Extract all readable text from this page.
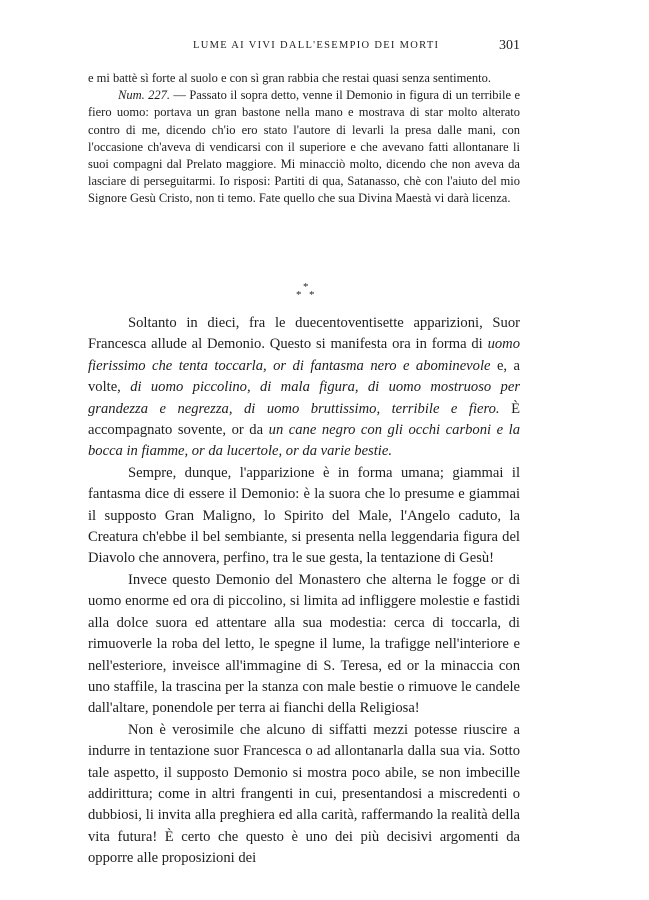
LUME AI VIVI DALL'ESEMPIO DEI MORTI	301

e mi battè sì forte al suolo e con sì gran rabbia che restai quasi senza sentimento.

Num. 227. — Passato il sopra detto, venne il Demonio in figura di un terribile e fiero uomo: portava un gran bastone nella mano e mostrava di star molto alterato contro di me, dicendo ch'io ero stato l'autore di levarli la presa dalle mani, con l'occasione ch'aveva di vendicarsi con il superiore e che avevano fatti allontanare li suoi compagni dal Prelato maggiore. Mi minacciò molto, dicendo che non aveva da lasciare di perseguitarmi. Io risposi: Partiti di qua, Satanasso, chè con l'aiuto del mio Signore Gesù Cristo, non ti temo. Fate quello che sua Divina Maestà vi darà licenza.

*
* *

Soltanto in dieci, fra le duecentoventisette apparizioni, Suor Francesca allude al Demonio. Questo si manifesta ora in forma di uomo fierissimo che tenta toccarla, or di fantasma nero e abominevole e, a volte, di uomo piccolino, di mala figura, di uomo mostruoso per grandezza e negrezza, di uomo bruttissimo, terribile e fiero. È accompagnato sovente, or da un cane negro con gli occhi carboni e la bocca in fiamme, or da lucertole, or da varie bestie.

Sempre, dunque, l'apparizione è in forma umana; giammai il fantasma dice di essere il Demonio: è la suora che lo presume e giammai il supposto Gran Maligno, lo Spirito del Male, l'Angelo caduto, la Creatura ch'ebbe il bel sembiante, si presenta nella leggendaria figura del Diavolo che annovera, perfino, tra le sue gesta, la tentazione di Gesù!

Invece questo Demonio del Monastero che alterna le fogge or di uomo enorme ed ora di piccolino, si limita ad infliggere molestie e fastidi alla dolce suora ed attentare alla sua modestia: cerca di toccarla, di rimuoverle la roba del letto, le spegne il lume, la trafigge nell'interiore e nell'esteriore, inveisce all'immagine di S. Teresa, ed or la minaccia con uno staffile, la trascina per la stanza con male bestie o rimuove le candele dall'altare, ponendole per terra ai fianchi della Religiosa!

Non è verosimile che alcuno di siffatti mezzi potesse riuscire a indurre in tentazione suor Francesca o ad allontanarla dalla sua via. Sotto tale aspetto, il supposto Demonio si mostra poco abile, se non imbecille addirittura; come in altri frangenti in cui, presentandosi a miscredenti o dubbiosi, li invita alla preghiera ed alla carità, raffermando la realità della vita futura! È certo che questo è uno dei più decisivi argomenti da opporre alle proposizioni dei
